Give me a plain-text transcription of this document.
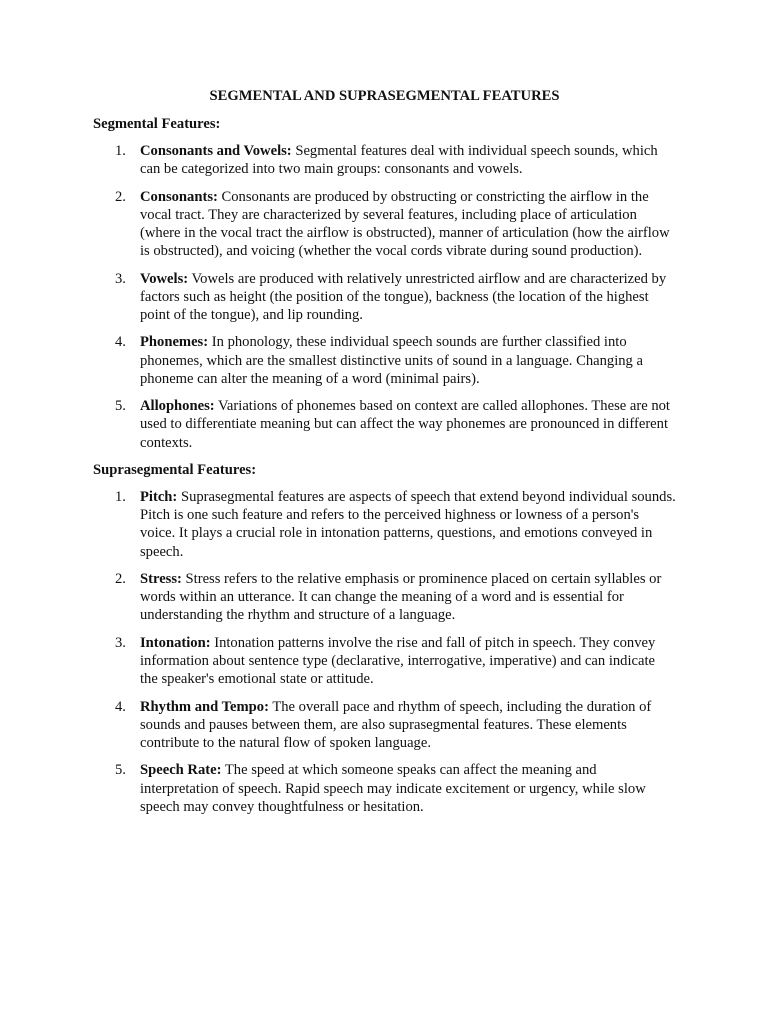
SEGMENTAL AND SUPRASEGMENTAL FEATURES
Segmental Features:
1. Consonants and Vowels: Segmental features deal with individual speech sounds, which can be categorized into two main groups: consonants and vowels.
2. Consonants: Consonants are produced by obstructing or constricting the airflow in the vocal tract. They are characterized by several features, including place of articulation (where in the vocal tract the airflow is obstructed), manner of articulation (how the airflow is obstructed), and voicing (whether the vocal cords vibrate during sound production).
3. Vowels: Vowels are produced with relatively unrestricted airflow and are characterized by factors such as height (the position of the tongue), backness (the location of the highest point of the tongue), and lip rounding.
4. Phonemes: In phonology, these individual speech sounds are further classified into phonemes, which are the smallest distinctive units of sound in a language. Changing a phoneme can alter the meaning of a word (minimal pairs).
5. Allophones: Variations of phonemes based on context are called allophones. These are not used to differentiate meaning but can affect the way phonemes are pronounced in different contexts.
Suprasegmental Features:
1. Pitch: Suprasegmental features are aspects of speech that extend beyond individual sounds. Pitch is one such feature and refers to the perceived highness or lowness of a person's voice. It plays a crucial role in intonation patterns, questions, and emotions conveyed in speech.
2. Stress: Stress refers to the relative emphasis or prominence placed on certain syllables or words within an utterance. It can change the meaning of a word and is essential for understanding the rhythm and structure of a language.
3. Intonation: Intonation patterns involve the rise and fall of pitch in speech. They convey information about sentence type (declarative, interrogative, imperative) and can indicate the speaker's emotional state or attitude.
4. Rhythm and Tempo: The overall pace and rhythm of speech, including the duration of sounds and pauses between them, are also suprasegmental features. These elements contribute to the natural flow of spoken language.
5. Speech Rate: The speed at which someone speaks can affect the meaning and interpretation of speech. Rapid speech may indicate excitement or urgency, while slow speech may convey thoughtfulness or hesitation.
